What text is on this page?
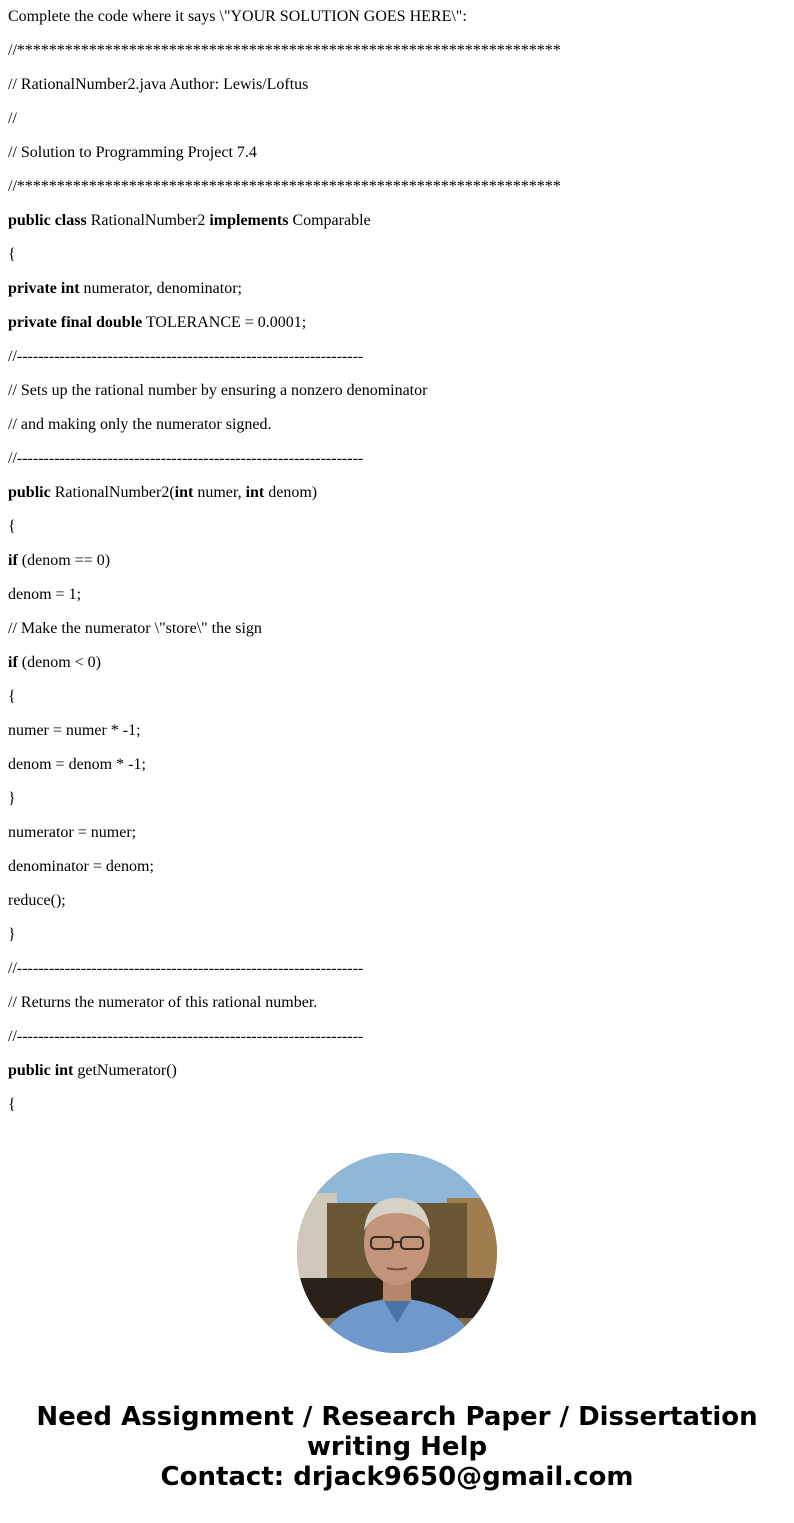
Complete the code where it says \"YOUR SOLUTION GOES HERE\":
//********************************************************************
// RationalNumber2.java Author: Lewis/Loftus
//
// Solution to Programming Project 7.4
//********************************************************************
public class RationalNumber2 implements Comparable
{
private int numerator, denominator;
private final double TOLERANCE = 0.0001;
//-----------------------------------------------------------------
// Sets up the rational number by ensuring a nonzero denominator
// and making only the numerator signed.
//-----------------------------------------------------------------
public RationalNumber2(int numer, int denom)
{
if (denom == 0)
denom = 1;
// Make the numerator \"store\" the sign
if (denom < 0)
{
numer = numer * -1;
denom = denom * -1;
}
numerator = numer;
denominator = denom;
reduce();
}
//-----------------------------------------------------------------
// Returns the numerator of this rational number.
//-----------------------------------------------------------------
public int getNumerator()
{
Need Assignment / Research Paper / Dissertation
writing Help
Contact: drjack9650@gmail.com
